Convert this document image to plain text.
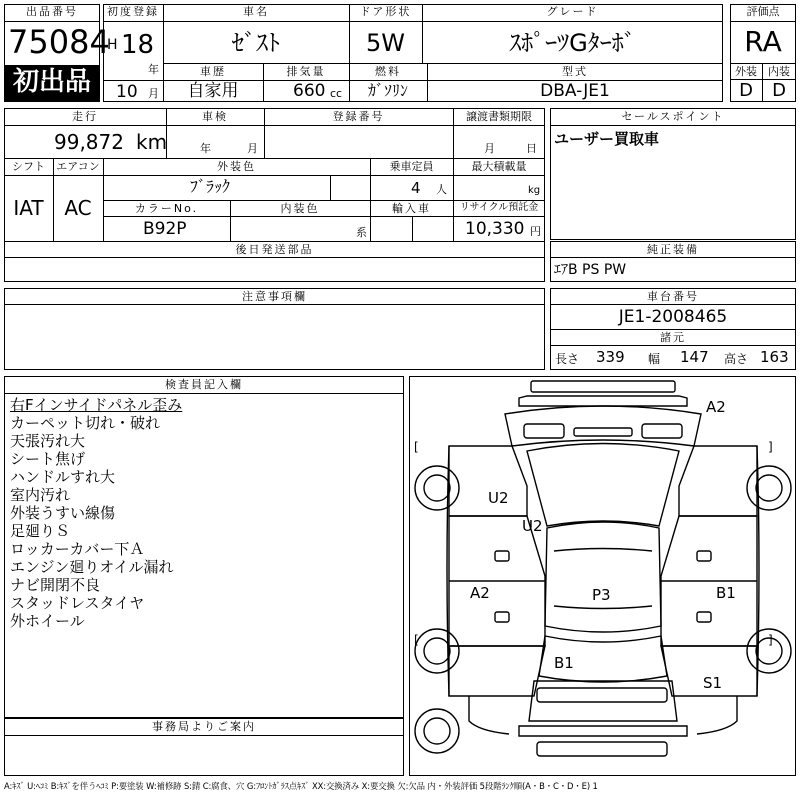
出品番号
75084
初出品
初度登録
H 18
年
10 月
車名
ｾﾞｽﾄ
ドア形状
5W
グレード
ｽﾎﾟｰﾂGﾀｰﾎﾞ
車歴
自家用
排気量
660 cc
燃料
ｶﾞｿﾘﾝ
型式
DBA-JE1
評価点
RA
外装	内装
D	D
走行
99,872 km
車検
年	月
登録番号	譲渡書類期限
月	日
シフト
IAT
エアコン
AC
外装色
ﾌﾞﾗｯｸ
乗車定員
4 人
最大積載量
kg
カラーNo.
B92P
内装色
系
輸入車	リサイクル預託金
10,330 円
後日発送部品
セールスポイント
ユーザー買取車
純正装備
ｴｱB PS PW
注意事項欄	車台番号
JE1-2008465
諸元
長さ 339 幅 147 高さ 163
検査員記入欄
右Fインサイドパネル歪み
カーペット切れ・破れ
天張汚れ大
シート焦げ
ハンドルすれ大
室内汚れ
外装うすい線傷
足廻りＳ
ロッカーカバー下Ａ
エンジン廻りオイル漏れ
ナビ開閉不良
スタッドレスタイヤ
外ホイール
事務局よりご案内
[	]
[	]
A2
U2
U2
A2	P3	B1
B1
S1
A:ｷｽﾞ U:ﾍｺﾐ B:ｷｽﾞを伴うﾍｺﾐ P:要塗装 W:補修跡 S:錆 C:腐食、穴 G:ﾌﾛﾝﾄｶﾞﾗｽ点ｷｽﾞ XX:交換済み X:要交換 欠:欠品 内・外装評価 5段階ﾗﾝｸ順(A・B・C・D・E) 1
